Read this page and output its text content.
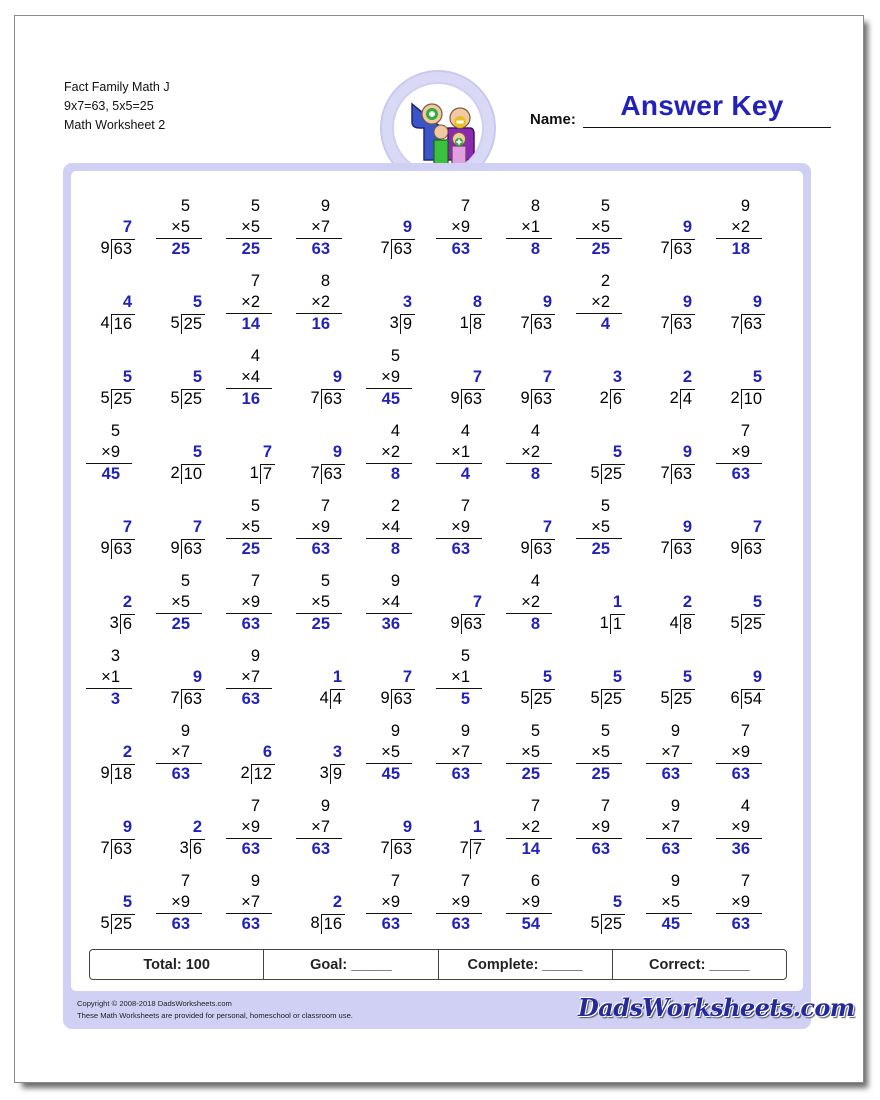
Fact Family Math J
9x7=63, 5x5=25
Math Worksheet 2	Name:	Answer Key
7
9 63
5
×5
25
5
×5
25
9
×7
63
9
7 63
7
×9
63
8
×1
8
5
×5
25
9
7 63
9
×2
18
4
4 16
5
5 25
7
×2
14
8
×2
16
3
3 9
8
1 8
9
7 63
2
×2
4
9
7 63
9
7 63
5
5 25
5
5 25
4
×4
16
9
7 63
5
×9
45
7
9 63
7
9 63
3
2 6
2
2 4
5
2 10
5
×9
45
5
2 10
7
1 7
9
7 63
4
×2
8
4
×1
4
4
×2
8
5
5 25
9
7 63
7
×9
63
7
9 63
7
9 63
5
×5
25
7
×9
63
2
×4
8
7
×9
63
7
9 63
5
×5
25
9
7 63
7
9 63
2
3 6
5
×5
25
7
×9
63
5
×5
25
9
×4
36
7
9 63
4
×2
8
1
1 1
2
4 8
5
5 25
3
×1
3
9
7 63
9
×7
63
1
4 4
7
9 63
5
×1
5
5
5 25
5
5 25
5
5 25
9
6 54
2
9 18
9
×7
63
6
2 12
3
3 9
9
×5
45
9
×7
63
5
×5
25
5
×5
25
9
×7
63
7
×9
63
9
7 63
2
3 6
7
×9
63
9
×7
63
9
7 63
1
7 7
7
×2
14
7
×9
63
9
×7
63
4
×9
36
5
5 25
7
×9
63
9
×7
63
2
8 16
7
×9
63
7
×9
63
6
×9
54
5
5 25
9
×5
45
7
×9
63
Total: 100	Goal: _____	Complete: _____	Correct: _____
Copyright © 2008-2018 DadsWorksheets.com
These Math Worksheets are provided for personal, homeschool or classroom use.	DadsWorksheets.com
